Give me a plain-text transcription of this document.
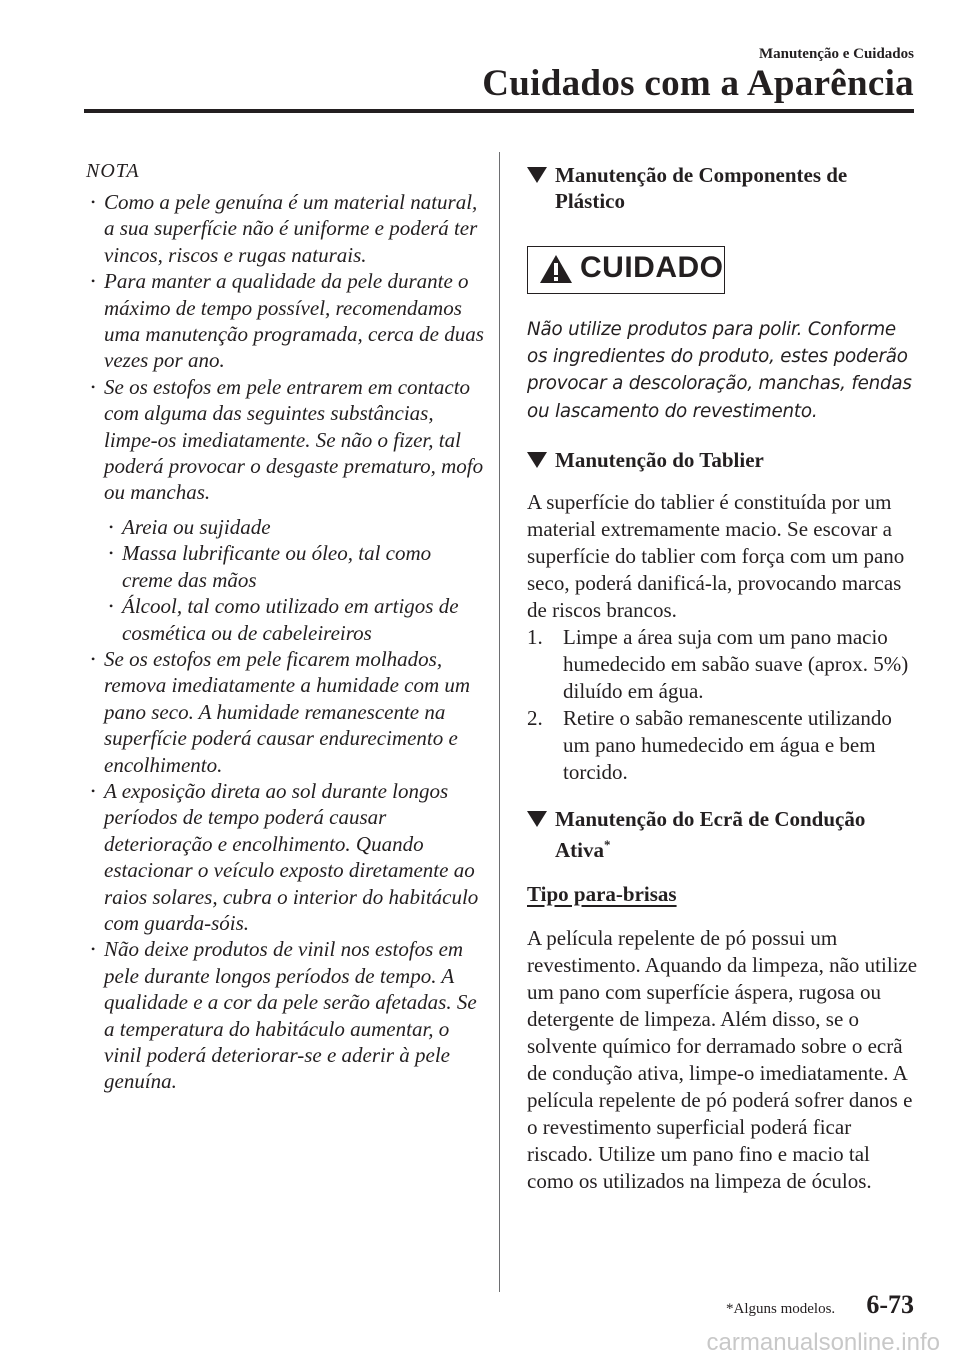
Manutenção e Cuidados
Cuidados com a Aparência
NOTA
• Como a pele genuína é um material natural, a sua superfície não é uniforme e poderá ter vincos, riscos e rugas naturais.
• Para manter a qualidade da pele durante o máximo de tempo possível, recomendamos uma manutenção programada, cerca de duas vezes por ano.
• Se os estofos em pele entrarem em contacto com alguma das seguintes substâncias, limpe-os imediatamente. Se não o fizer, tal poderá provocar o desgaste prematuro, mofo ou manchas.
• Areia ou sujidade
• Massa lubrificante ou óleo, tal como creme das mãos
• Álcool, tal como utilizado em artigos de cosmética ou de cabeleireiros
• Se os estofos em pele ficarem molhados, remova imediatamente a humidade com um pano seco. A humidade remanescente na superfície poderá causar endurecimento e encolhimento.
• A exposição direta ao sol durante longos períodos de tempo poderá causar deterioração e encolhimento. Quando estacionar o veículo exposto diretamente ao raios solares, cubra o interior do habitáculo com guarda-sóis.
• Não deixe produtos de vinil nos estofos em pele durante longos períodos de tempo. A qualidade e a cor da pele serão afetadas. Se a temperatura do habitáculo aumentar, o vinil poderá deteriorar-se e aderir à pele genuína.
Manutenção de Componentes de Plástico
CUIDADO

Não utilize produtos para polir. Conforme os ingredientes do produto, estes poderão provocar a descoloração, manchas, fendas ou lascamento do revestimento.

Manutenção do Tablier

A superfície do tablier é constituída por um material extremamente macio. Se escovar a superfície do tablier com força com um pano seco, poderá danificá-la, provocando marcas de riscos brancos.

1. Limpe a área suja com um pano macio humedecido em sabão suave (aprox. 5%) diluído em água.
2. Retire o sabão remanescente utilizando um pano humedecido em água e bem torcido.
Manutenção do Ecrã de Condução Ativa*

Tipo para-brisas

A película repelente de pó possui um revestimento. Aquando da limpeza, não utilize um pano com superfície áspera, rugosa ou detergente de limpeza. Além disso, se o solvente químico for derramado sobre o ecrã de condução ativa, limpe-o imediatamente. A película repelente de pó poderá sofrer danos e o revestimento superficial poderá ficar riscado. Utilize um pano fino e macio tal como os utilizados na limpeza de óculos.

*Alguns modelos. 6-73
carmanualsonline.info
